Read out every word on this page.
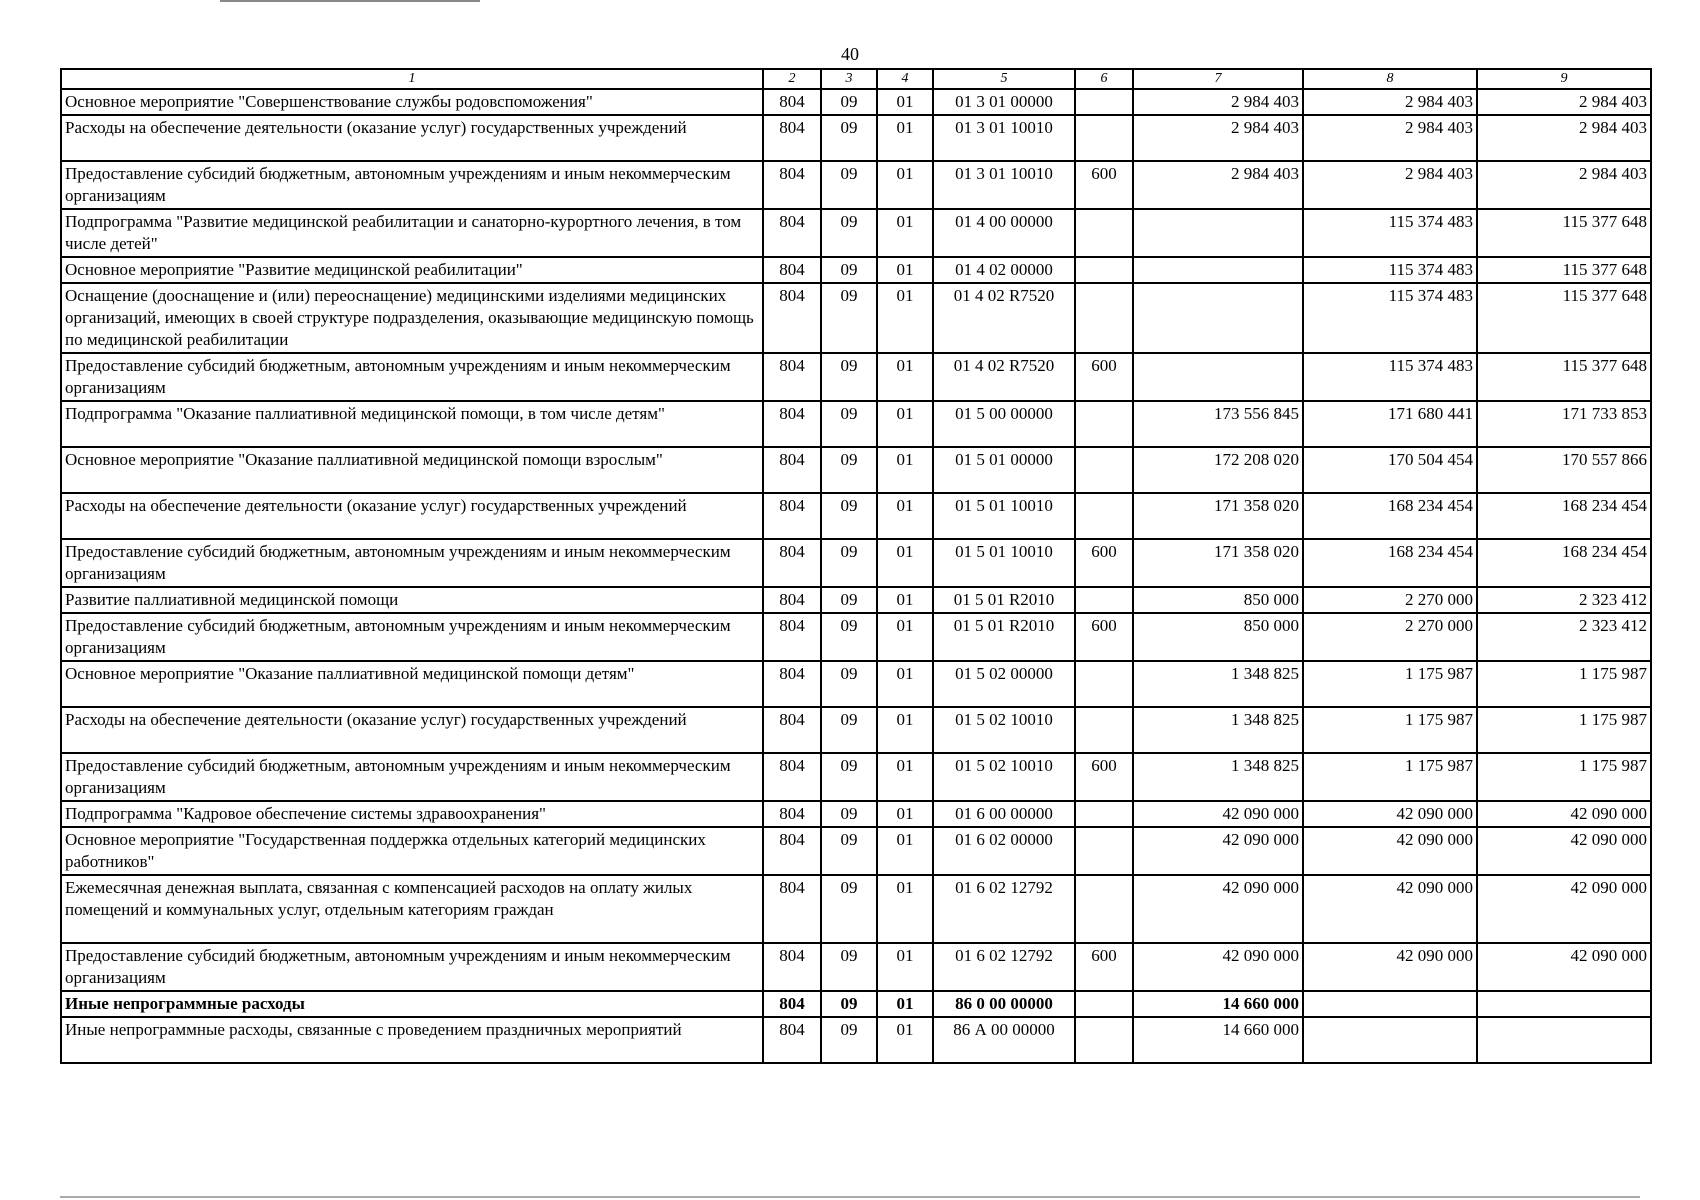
40
1	2	3	4	5	6	7	8	9
Основное мероприятие "Совершенствование службы родовспоможения"	804	09	01	01 3 01 00000		2 984 403	2 984 403	2 984 403
Расходы на обеспечение деятельности (оказание услуг) государственных учреждений	804	09	01	01 3 01 10010		2 984 403	2 984 403	2 984 403
Предоставление субсидий бюджетным, автономным учреждениям и иным некоммерческим организациям	804	09	01	01 3 01 10010	600	2 984 403	2 984 403	2 984 403
Подпрограмма "Развитие медицинской реабилитации и санаторно-курортного лечения, в том числе детей"	804	09	01	01 4 00 00000			115 374 483	115 377 648
Основное мероприятие "Развитие медицинской реабилитации"	804	09	01	01 4 02 00000			115 374 483	115 377 648
Оснащение (дооснащение и (или) переоснащение) медицинскими изделиями медицинских организаций, имеющих в своей структуре подразделения, оказывающие медицинскую помощь по медицинской реабилитации	804	09	01	01 4 02 R7520			115 374 483	115 377 648
Предоставление субсидий бюджетным, автономным учреждениям и иным некоммерческим организациям	804	09	01	01 4 02 R7520	600		115 374 483	115 377 648
Подпрограмма "Оказание паллиативной медицинской помощи, в том числе детям"	804	09	01	01 5 00 00000		173 556 845	171 680 441	171 733 853
Основное мероприятие "Оказание паллиативной медицинской помощи взрослым"	804	09	01	01 5 01 00000		172 208 020	170 504 454	170 557 866
Расходы на обеспечение деятельности (оказание услуг) государственных учреждений	804	09	01	01 5 01 10010		171 358 020	168 234 454	168 234 454
Предоставление субсидий бюджетным, автономным учреждениям и иным некоммерческим организациям	804	09	01	01 5 01 10010	600	171 358 020	168 234 454	168 234 454
Развитие паллиативной медицинской помощи	804	09	01	01 5 01 R2010		850 000	2 270 000	2 323 412
Предоставление субсидий бюджетным, автономным учреждениям и иным некоммерческим организациям	804	09	01	01 5 01 R2010	600	850 000	2 270 000	2 323 412
Основное мероприятие "Оказание паллиативной медицинской помощи детям"	804	09	01	01 5 02 00000		1 348 825	1 175 987	1 175 987
Расходы на обеспечение деятельности (оказание услуг) государственных учреждений	804	09	01	01 5 02 10010		1 348 825	1 175 987	1 175 987
Предоставление субсидий бюджетным, автономным учреждениям и иным некоммерческим организациям	804	09	01	01 5 02 10010	600	1 348 825	1 175 987	1 175 987
Подпрограмма "Кадровое обеспечение системы здравоохранения"	804	09	01	01 6 00 00000		42 090 000	42 090 000	42 090 000
Основное мероприятие "Государственная поддержка отдельных категорий медицинских работников"	804	09	01	01 6 02 00000		42 090 000	42 090 000	42 090 000
Ежемесячная денежная выплата, связанная с компенсацией расходов на оплату жилых помещений и коммунальных услуг, отдельным категориям граждан	804	09	01	01 6 02 12792		42 090 000	42 090 000	42 090 000
Предоставление субсидий бюджетным, автономным учреждениям и иным некоммерческим организациям	804	09	01	01 6 02 12792	600	42 090 000	42 090 000	42 090 000
Иные непрограммные расходы	804	09	01	86 0 00 00000		14 660 000		
Иные непрограммные расходы, связанные с проведением праздничных мероприятий	804	09	01	86 А 00 00000		14 660 000		
